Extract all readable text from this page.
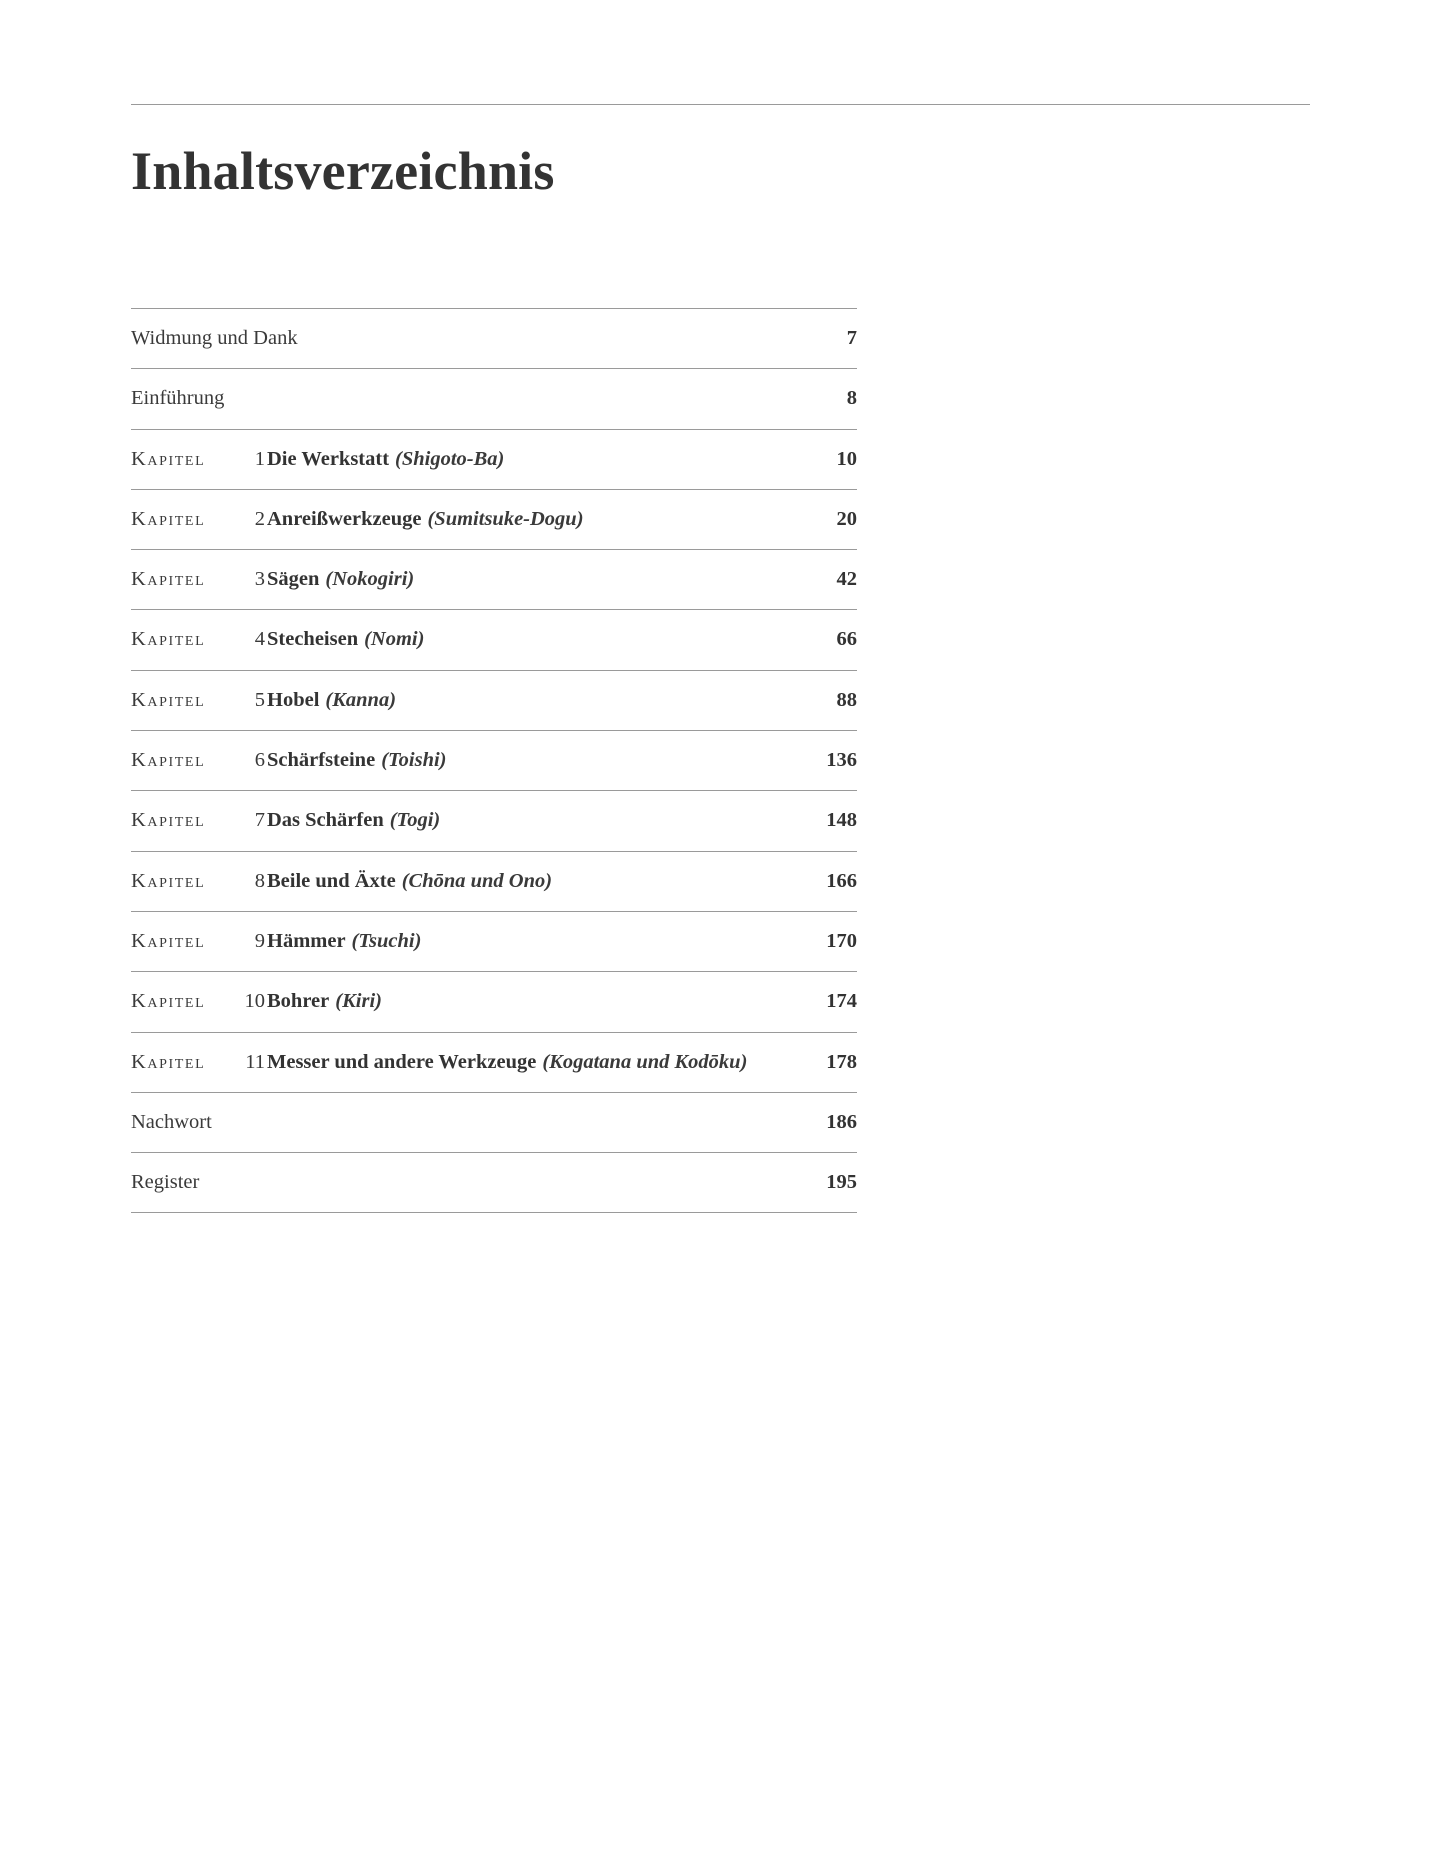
Inhaltsverzeichnis
Widmung und Dank	7
Einführung	8
Kapitel 1 Die Werkstatt (Shigoto-Ba)	10
Kapitel 2 Anreißwerkzeuge (Sumitsuke-Dogu)	20
Kapitel 3 Sägen (Nokogiri)	42
Kapitel 4 Stecheisen (Nomi)	66
Kapitel 5 Hobel (Kanna)	88
Kapitel 6 Schärfsteine (Toishi)	136
Kapitel 7 Das Schärfen (Togi)	148
Kapitel 8 Beile und Äxte (Chōna und Ono)	166
Kapitel 9 Hämmer (Tsuchi)	170
Kapitel 10 Bohrer (Kiri)	174
Kapitel 11 Messer und andere Werkzeuge (Kogatana und Kodōku)	178
Nachwort	186
Register	195
